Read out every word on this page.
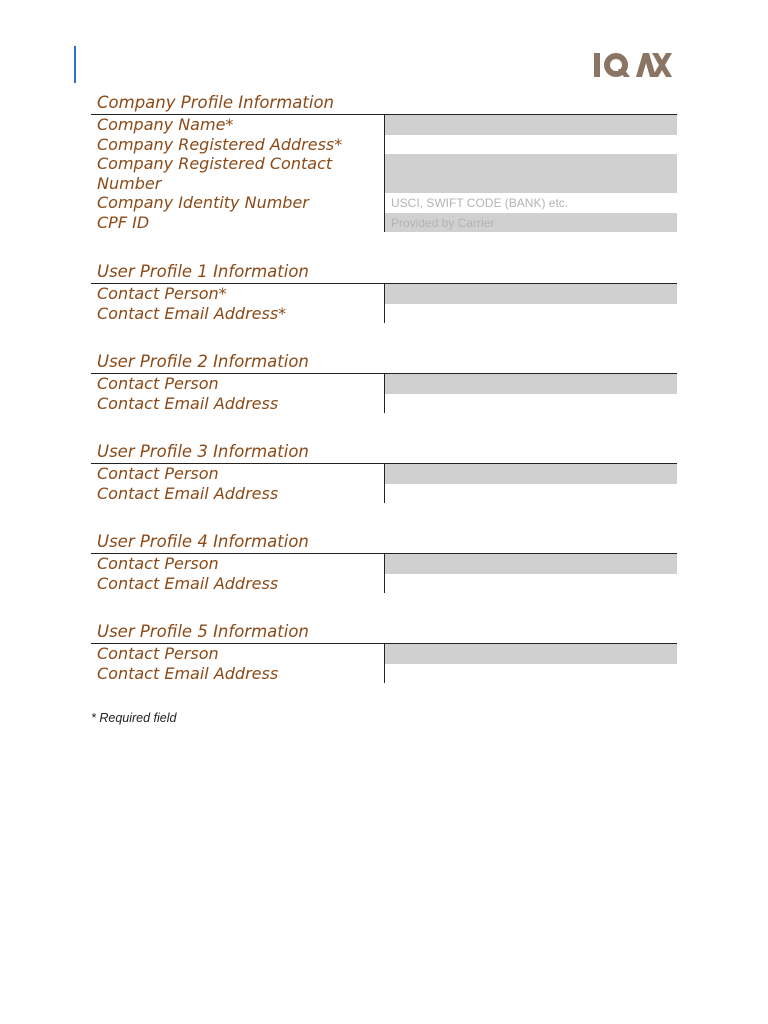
Company Profile Information
Company Name*
Company Registered Address*
Company Registered Contact Number
Company Identity Number	USCI, SWIFT CODE (BANK) etc.
CPF ID	Provided by Carrier
User Profile 1 Information
Contact Person*
Contact Email Address*
User Profile 2 Information
Contact Person
Contact Email Address
User Profile 3 Information
Contact Person
Contact Email Address
User Profile 4 Information
Contact Person
Contact Email Address
User Profile 5 Information
Contact Person
Contact Email Address
* Required field
